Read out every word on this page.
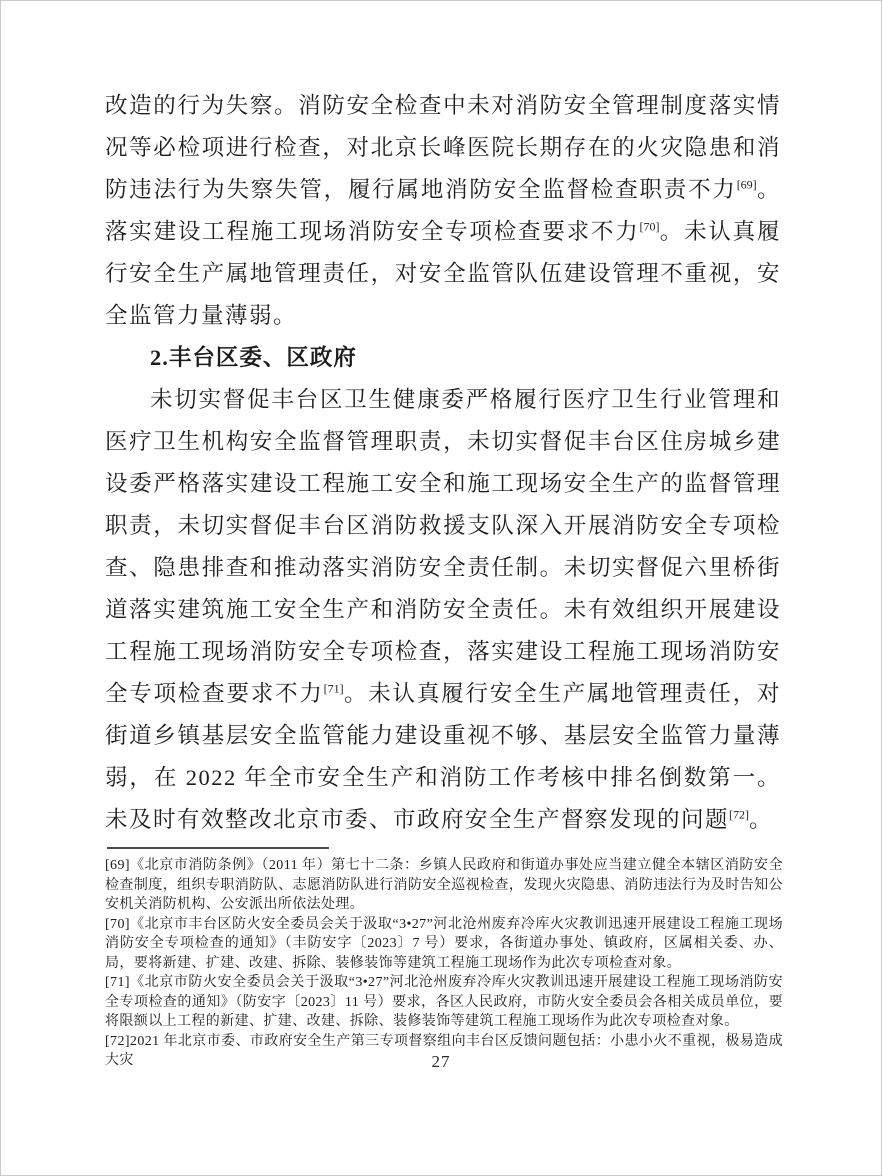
改造的行为失察。消防安全检查中未对消防安全管理制度落实情况等必检项进行检查，对北京长峰医院长期存在的火灾隐患和消防违法行为失察失管，履行属地消防安全监督检查职责不力[69]。落实建设工程施工现场消防安全专项检查要求不力[70]。未认真履行安全生产属地管理责任，对安全监管队伍建设管理不重视，安全监管力量薄弱。

2.丰台区委、区政府

未切实督促丰台区卫生健康委严格履行医疗卫生行业管理和医疗卫生机构安全监督管理职责，未切实督促丰台区住房城乡建设委严格落实建设工程施工安全和施工现场安全生产的监督管理职责，未切实督促丰台区消防救援支队深入开展消防安全专项检查、隐患排查和推动落实消防安全责任制。未切实督促六里桥街道落实建筑施工安全生产和消防安全责任。未有效组织开展建设工程施工现场消防安全专项检查，落实建设工程施工现场消防安全专项检查要求不力[71]。未认真履行安全生产属地管理责任，对街道乡镇基层安全监管能力建设重视不够、基层安全监管力量薄弱，在 2022 年全市安全生产和消防工作考核中排名倒数第一。未及时有效整改北京市委、市政府安全生产督察发现的问题[72]。

[69]《北京市消防条例》（2011 年）第七十二条：乡镇人民政府和街道办事处应当建立健全本辖区消防安全检查制度，组织专职消防队、志愿消防队进行消防安全巡视检查，发现火灾隐患、消防违法行为及时告知公安机关消防机构、公安派出所依法处理。

[70]《北京市丰台区防火安全委员会关于汲取“3•27”河北沧州废弃冷库火灾教训迅速开展建设工程施工现场消防安全专项检查的通知》（丰防安字〔2023〕7 号）要求，各街道办事处、镇政府，区属相关委、办、局，要将新建、扩建、改建、拆除、装修装饰等建筑工程施工现场作为此次专项检查对象。

[71]《北京市防火安全委员会关于汲取“3•27”河北沧州废弃冷库火灾教训迅速开展建设工程施工现场消防安全专项检查的通知》（防安字〔2023〕11 号）要求，各区人民政府，市防火安全委员会各相关成员单位，要将限额以上工程的新建、扩建、改建、拆除、装修装饰等建筑工程施工现场作为此次专项检查对象。

[72]2021 年北京市委、市政府安全生产第三专项督察组向丰台区反馈问题包括：小患小火不重视，极易造成大灾	27
